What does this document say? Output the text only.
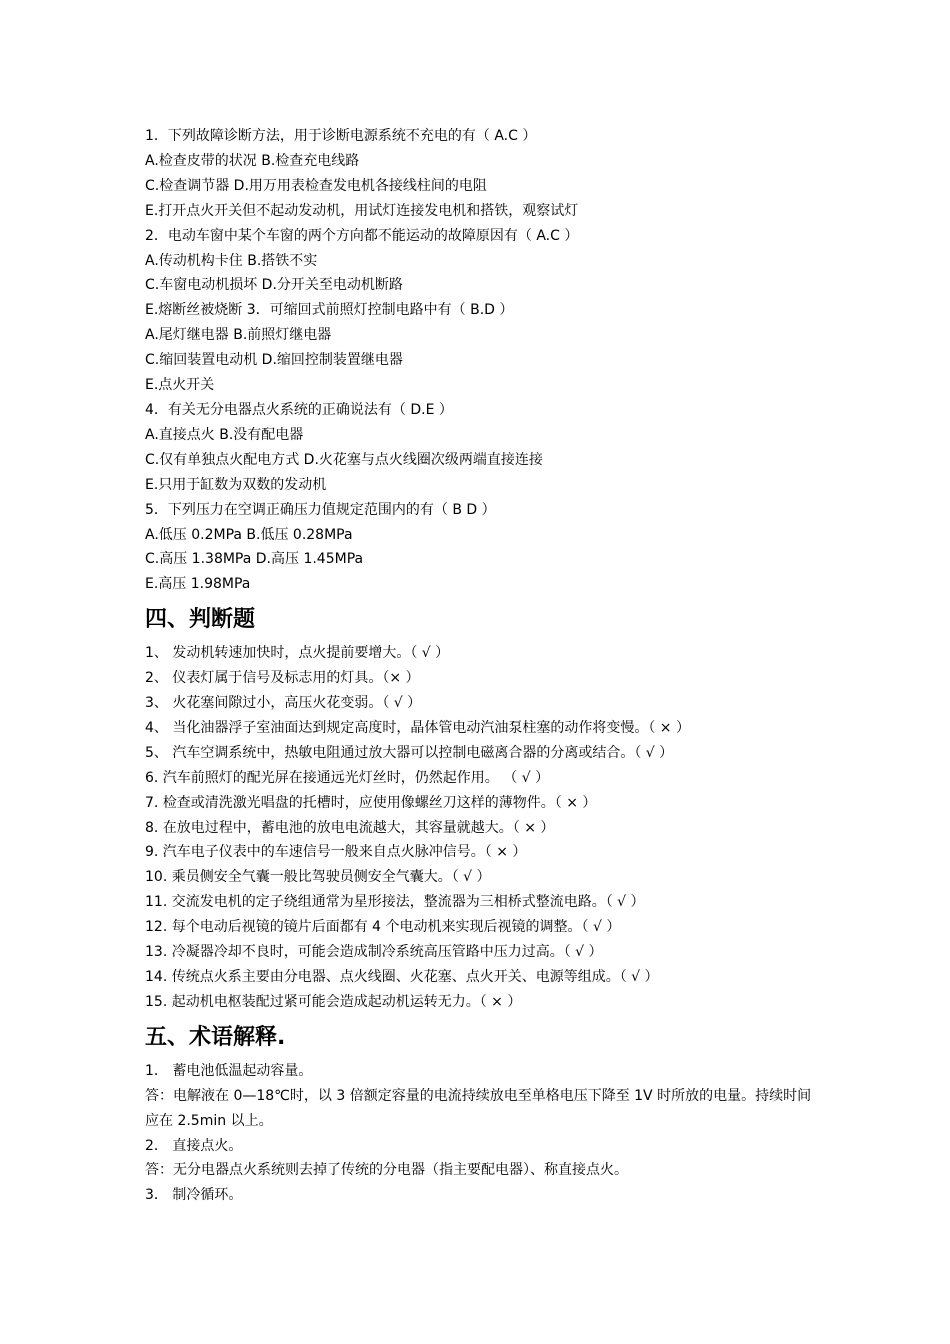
1．下列故障诊断方法，用于诊断电源系统不充电的有（ A.C ）
A.检查皮带的状况 B.检查充电线路
C.检查调节器 D.用万用表检查发电机各接线柱间的电阻
E.打开点火开关但不起动发动机，用试灯连接发电机和搭铁，观察试灯
2．电动车窗中某个车窗的两个方向都不能运动的故障原因有（ A.C ）
A.传动机构卡住 B.搭铁不实
C.车窗电动机损坏 D.分开关至电动机断路
E.熔断丝被烧断 3．可缩回式前照灯控制电路中有（ B.D ）
A.尾灯继电器 B.前照灯继电器
C.缩回装置电动机 D.缩回控制装置继电器
E.点火开关
4．有关无分电器点火系统的正确说法有（ D.E ）
A.直接点火 B.没有配电器
C.仅有单独点火配电方式 D.火花塞与点火线圈次级两端直接连接
E.只用于缸数为双数的发动机
5．下列压力在空调正确压力值规定范围内的有（ B D ）
A.低压 0.2MPa B.低压 0.28MPa
C.高压 1.38MPa D.高压 1.45MPa
E.高压 1.98MPa
四、判断题
1、 发动机转速加快时，点火提前要增大。（ √ ）
2、 仪表灯属于信号及标志用的灯具。（× ）
3、 火花塞间隙过小，高压火花变弱。（ √ ）
4、 当化油器浮子室油面达到规定高度时，晶体管电动汽油泵柱塞的动作将变慢。（ × ）
5、 汽车空调系统中，热敏电阻通过放大器可以控制电磁离合器的分离或结合。（ √ ）
6. 汽车前照灯的配光屏在接通远光灯丝时，仍然起作用。 （ √ ）
7. 检查或清洗激光唱盘的托槽时，应使用像螺丝刀这样的薄物件。（ × ）
8. 在放电过程中，蓄电池的放电电流越大，其容量就越大。（ × ）
9. 汽车电子仪表中的车速信号一般来自点火脉冲信号。（ × ）
10. 乘员侧安全气囊一般比驾驶员侧安全气囊大。（ √ ）
11. 交流发电机的定子绕组通常为星形接法，整流器为三相桥式整流电路。（ √ ）
12. 每个电动后视镜的镜片后面都有 4 个电动机来实现后视镜的调整。（ √ ）
13. 冷凝器冷却不良时，可能会造成制冷系统高压管路中压力过高。（ √ ）
14. 传统点火系主要由分电器、点火线圈、火花塞、点火开关、电源等组成。（ √ ）
15. 起动机电枢装配过紧可能会造成起动机运转无力。（ × ）
五、术语解释.
1． 蓄电池低温起动容量。
答：电解液在 0—18℃时，以 3 倍额定容量的电流持续放电至单格电压下降至 1V 时所放的电量。持续时间应在 2.5min 以上。
2． 直接点火。
答：无分电器点火系统则去掉了传统的分电器（指主要配电器）、称直接点火。
3． 制冷循环。
